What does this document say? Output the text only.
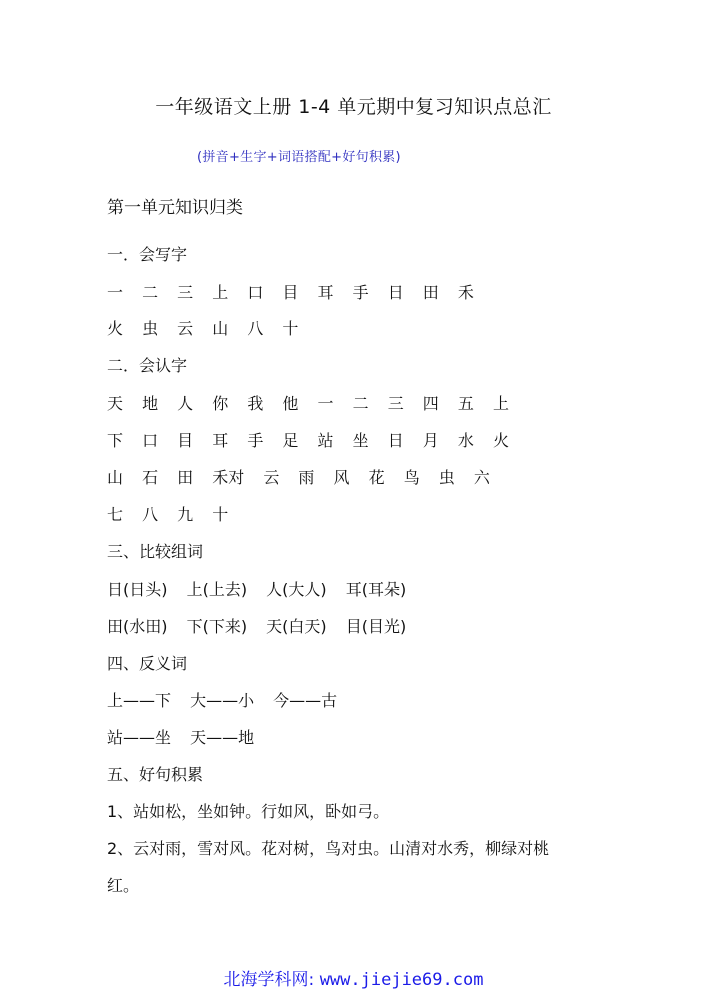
一年级语文上册 1-4 单元期中复习知识点总汇
(拼音+生字+词语搭配+好句积累)
第一单元知识归类
一．会写字
一 二 三 上 口 目 耳 手 日 田 禾
火 虫 云 山 八 十
二．会认字
天 地 人 你 我 他 一 二 三 四 五 上
下 口 目 耳 手 足 站 坐 日 月 水 火
山 石 田 禾对 云 雨 风 花 鸟 虫 六
七 八 九 十
三、比较组词
日(日头) 上(上去) 人(大人) 耳(耳朵)
田(水田) 下(下来) 天(白天) 目(目光)
四、反义词
上——下 大——小 今——古
站——坐 天——地
五、好句积累
1、站如松，坐如钟。行如风，卧如弓。
2、云对雨，雪对风。花对树，鸟对虫。山清对水秀，柳绿对桃
红。
北海学科网: www.jiejie69.com
